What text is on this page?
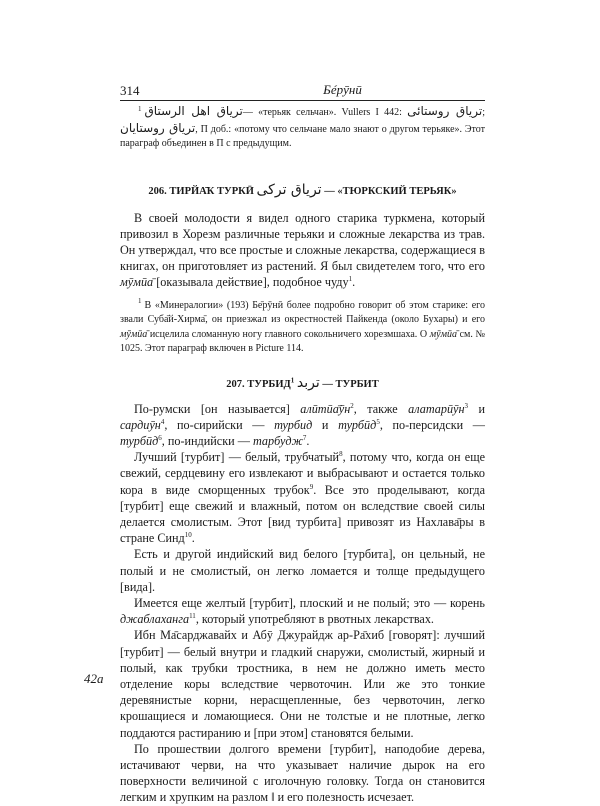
314	Бéрӯнӣ

$^1$ ترياق اهل الرستاق— «терьяк сельчан». Vullers I 442: ترياق روستائى; ترياق روستايان, П доб.: «потому что сельчане мало знают о другом терьяке». Этот параграф объединен в П с предыдущим.

206. ТИРЙА̄К ТУРКӢ ترياق تركى — «ТЮРКСКИЙ ТЕРЬЯК»

В своей молодости я видел одного старика туркмена, который привозил в Хорезм различные терьяки и сложные лекарства из трав. Он утверждал, что все простые и сложные лекарства, содержащиеся в книгах, он приготовляет из растений. Я был свидетелем того, что его мӯмӣа̄ [оказывала действие], подобное чуду$^1$.

$^1$ В «Минералогии» (193) Бе̄рӯнӣ более подробно говорит об этом старике: его звали Суба̄й-Хирма̄, он приезжал из окрестностей Пайкенда (около Бухары) и его мӯмӣа̄ исцелила сломанную ногу главного сокольничего хорезмшаха. О мӯмӣа̄ см. № 1025. Этот параграф включен в Picture 114.

207. ТУРБИД$^1$ تربد — ТУРБИТ

По-румски [он называется] $алӣтӣа̄ӯн^2$, также алатарӣӯн$^3$ и сардиӯн$^4$, по-сирийски — турбид и турбӣд$^5$, по-персидски — турбӣд$^6$, по-индийски — тарбудж$^7$.

Лучший [турбит] — белый, трубчатый$^8$, потому что, когда он еще свежий, сердцевину его извлекают и выбрасывают и остается только кора в виде сморщенных трубок$^9$. Все это проделывают, когда [турбит] еще свежий и влажный, потом он вследствие своей силы делается смолистым. Этот [вид турбита] привозят из Нахлава̄ры в стране Синд$^{10}$.

Есть и другой индийский вид белого [турбита], он цельный, не полый и не смолистый, он легко ломается и толще предыдущего [вида].

Имеется еще желтый [турбит], плоский и не полый; это — корень джаблаханга$^{11}$, который употребляют в рвотных лекарствах.

Ибн Ма̄сарджавайх и Абӯ Джурайдж ар-Ра̄хиб [говорят]: лучший [турбит] — белый внутри и гладкий снаружи, смолистый, жирный и полый, как трубки тростника, в нем не должно иметь место отделение коры вследствие червоточин. Или же это тонкие деревянистые корни, нерасщепленные, без червоточин, легко крошащиеся и ломающиеся. Они не толстые и не плотные, легко поддаются растиранию и [при этом] становятся белыми.

По прошествии долгого времени [турбит], наподобие дерева, истачивают черви, на что указывает наличие дырок на его поверхности величиной с иголочную головку. Тогда он становится легким и хрупким на разлом ‖ и его полезность исчезает.

42а
